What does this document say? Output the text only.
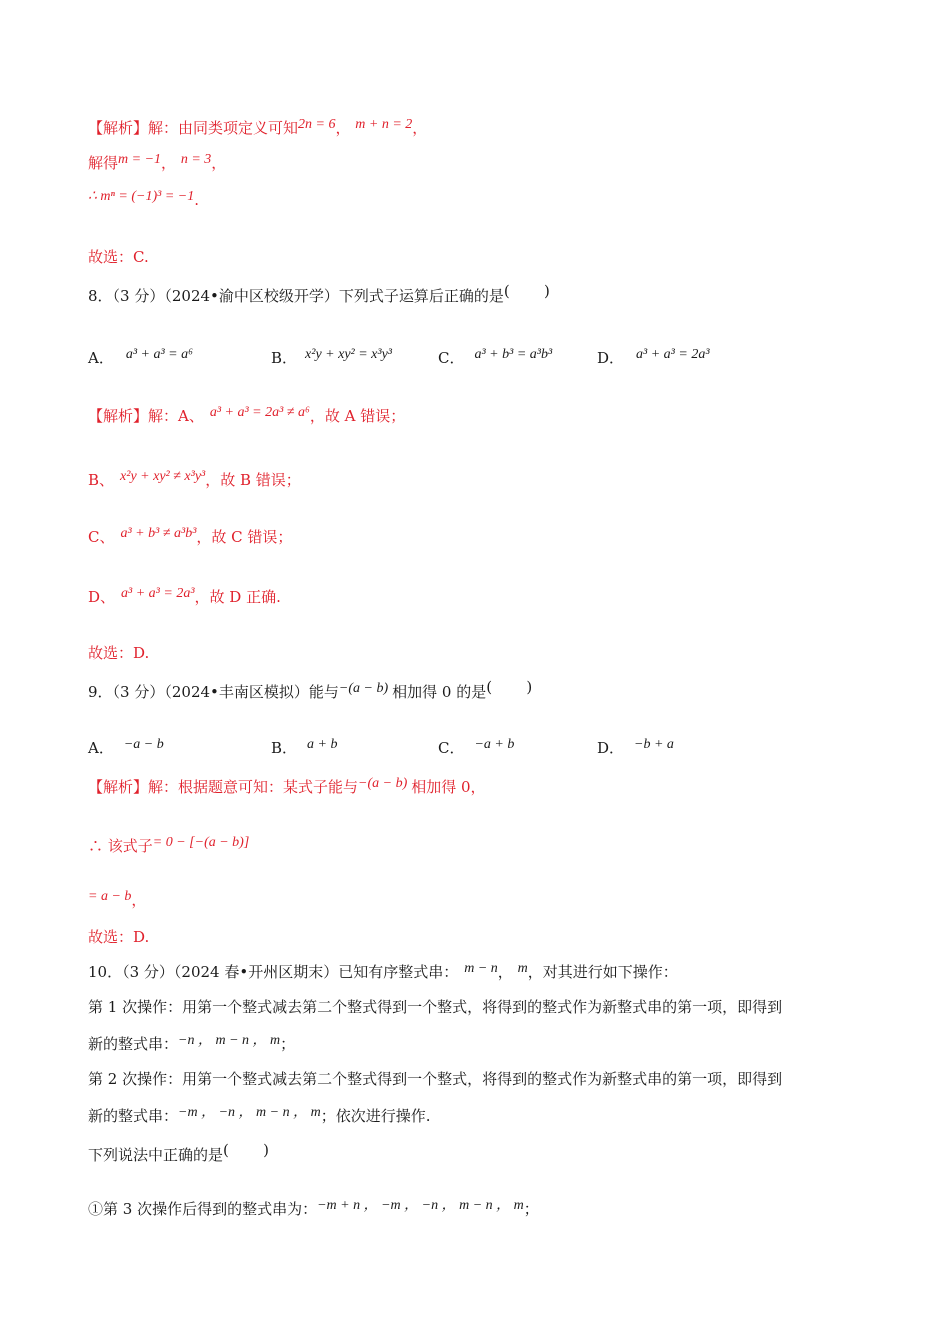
【解析】解：由同类项定义可知2n = 6， m + n = 2，
解得m = −1， n = 3，
∴ mⁿ = (−1)³ = −1.
故选：C.
8．（3 分）（2024•渝中区校级开学）下列式子运算后正确的是( )
A． a³ + a³ = a⁶	B． x²y + xy² = x³y³	C． a³ + b³ = a³b³	D． a³ + a³ = 2a³
【解析】解：A、 a³ + a³ = 2a³ ≠ a⁶，故 A 错误；
B、 x²y + xy² ≠ x³y³，故 B 错误；
C、 a³ + b³ ≠ a³b³，故 C 错误；
D、 a³ + a³ = 2a³，故 D 正确.
故选：D.
9．（3 分）（2024•丰南区模拟）能与−(a − b) 相加得 0 的是( )
A． −a − b	B． a + b	C． −a + b	D． −b + a
【解析】解：根据题意可知：某式子能与−(a − b) 相加得 0，
∴ 该式子= 0 − [−(a − b)]
= a − b，
故选：D.
10．（3 分）（2024 春•开州区期末）已知有序整式串： m − n， m，对其进行如下操作：
第 1 次操作：用第一个整式减去第二个整式得到一个整式，将得到的整式作为新整式串的第一项，即得到
新的整式串：−n ， m − n ， m；
第 2 次操作：用第一个整式减去第二个整式得到一个整式，将得到的整式作为新整式串的第一项，即得到
新的整式串：−m ， −n ， m − n ， m；依次进行操作.
下列说法中正确的是( )
①第 3 次操作后得到的整式串为：−m + n ， −m ， −n ， m − n ， m；
